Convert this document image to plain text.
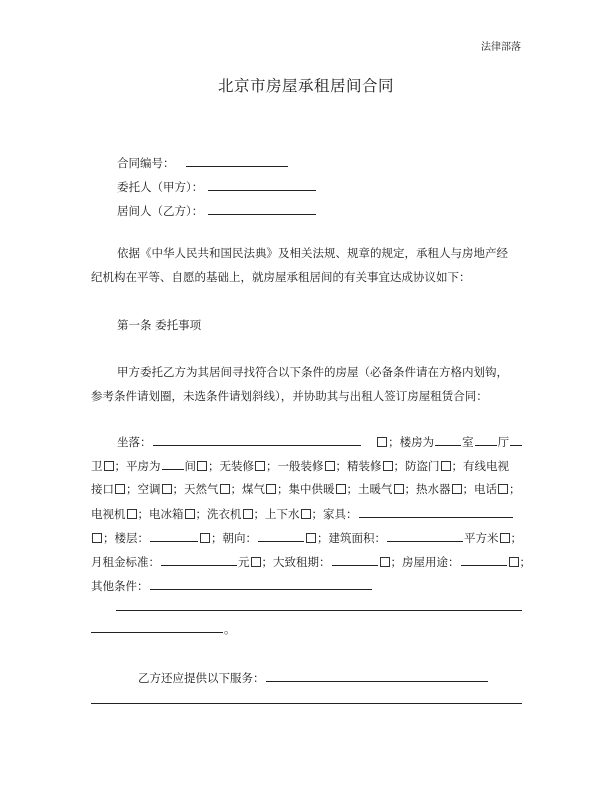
法律部落
北京市房屋承租居间合同
合同编号：
委托人（甲方）：
居间人（乙方）：
依据《中华人民共和国民法典》及相关法规、规章的规定，承租人与房地产经
纪机构在平等、自愿的基础上，就房屋承租居间的有关事宜达成协议如下：
第一条 委托事项
甲方委托乙方为其居间寻找符合以下条件的房屋（必备条件请在方格内划钩，
参考条件请划圈，未选条件请划斜线），并协助其与出租人签订房屋租赁合同：
坐落：	；楼房为 室 厅
卫 ；平房为 间 ；无装修 ；一般装修 ；精装修 ；防盗门 ；有线电视
接口 ；空调 ；天然气 ；煤气 ；集中供暖 ；土暖气 ；热水器 ；电话 ；
电视机 ；电冰箱 ；洗衣机 ；上下水 ；家具：
；楼层：	；朝向：	；建筑面积：	平方米 ；
月租金标准：	元 ；大致租期：	；房屋用途：	；
其他条件：
。
乙方还应提供以下服务：
